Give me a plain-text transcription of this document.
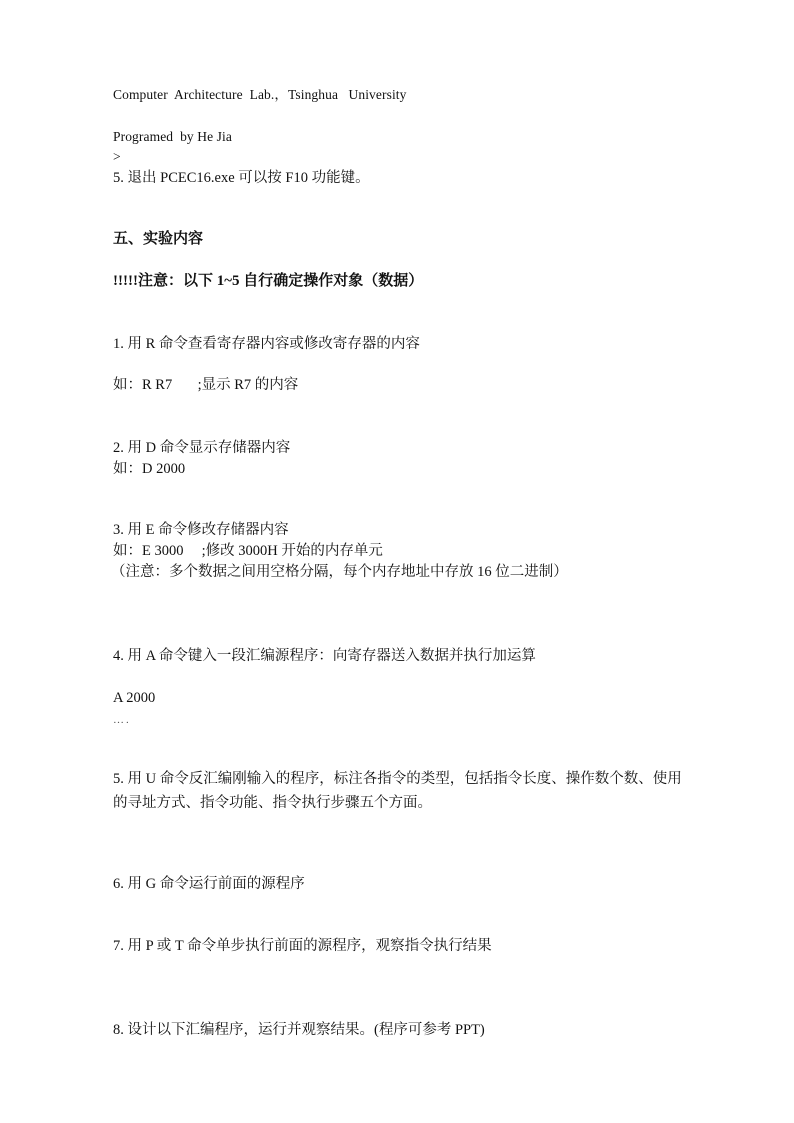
Computer  Architecture  Lab.，Tsinghua   University

Programed  by He Jia

>

5. 退出 PCEC16.exe 可以按 F10 功能键。

五、实验内容

!!!!!注意：以下 1~5 自行确定操作对象（数据）

1. 用 R 命令查看寄存器内容或修改寄存器的内容

如：R R7       ;显示 R7 的内容

2. 用 D 命令显示存储器内容

如：D 2000

3. 用 E 命令修改存储器内容

如：E 3000     ;修改 3000H 开始的内存单元

（注意：多个数据之间用空格分隔，每个内存地址中存放 16 位二进制）

4. 用 A 命令键入一段汇编源程序：向寄存器送入数据并执行加运算

A 2000

….

5. 用 U 命令反汇编刚输入的程序，标注各指令的类型，包括指令长度、操作数个数、使用的寻址方式、指令功能、指令执行步骤五个方面。

6. 用 G 命令运行前面的源程序

7. 用 P 或 T 命令单步执行前面的源程序，观察指令执行结果

8. 设计以下汇编程序，运行并观察结果。(程序可参考 PPT)
